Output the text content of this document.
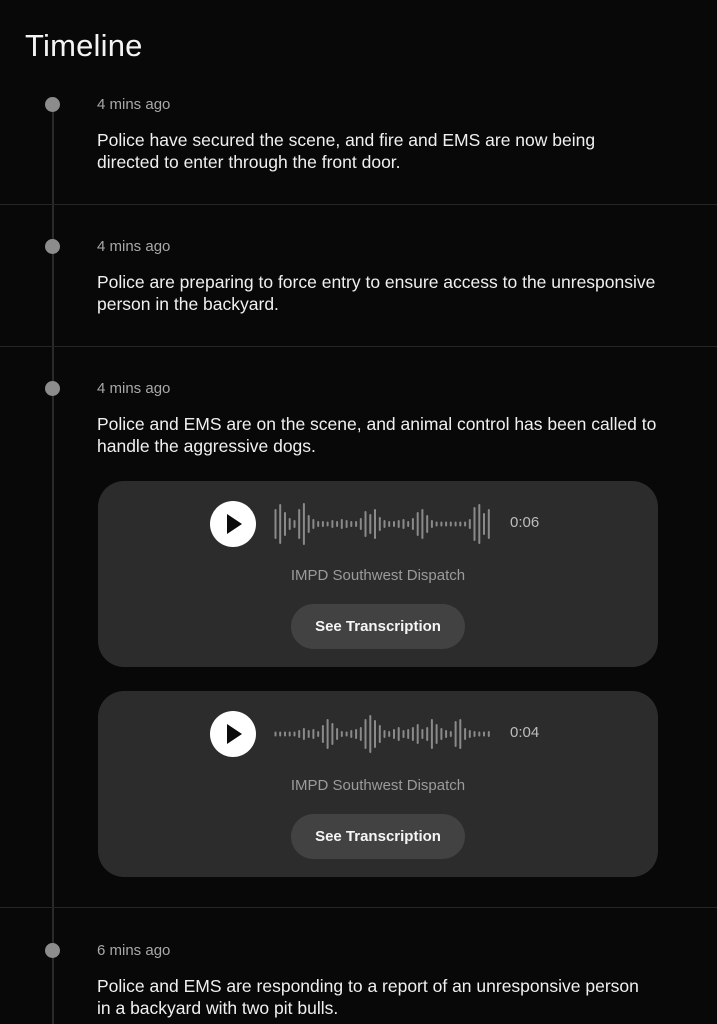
Timeline
4 mins ago
Police have secured the scene, and fire and EMS are now being directed to enter through the front door.
4 mins ago
Police are preparing to force entry to ensure access to the unresponsive person in the backyard.
4 mins ago
Police and EMS are on the scene, and animal control has been called to handle the aggressive dogs.
0:06
IMPD Southwest Dispatch
See Transcription
0:04
IMPD Southwest Dispatch
See Transcription
6 mins ago
Police and EMS are responding to a report of an unresponsive person in a backyard with two pit bulls.
